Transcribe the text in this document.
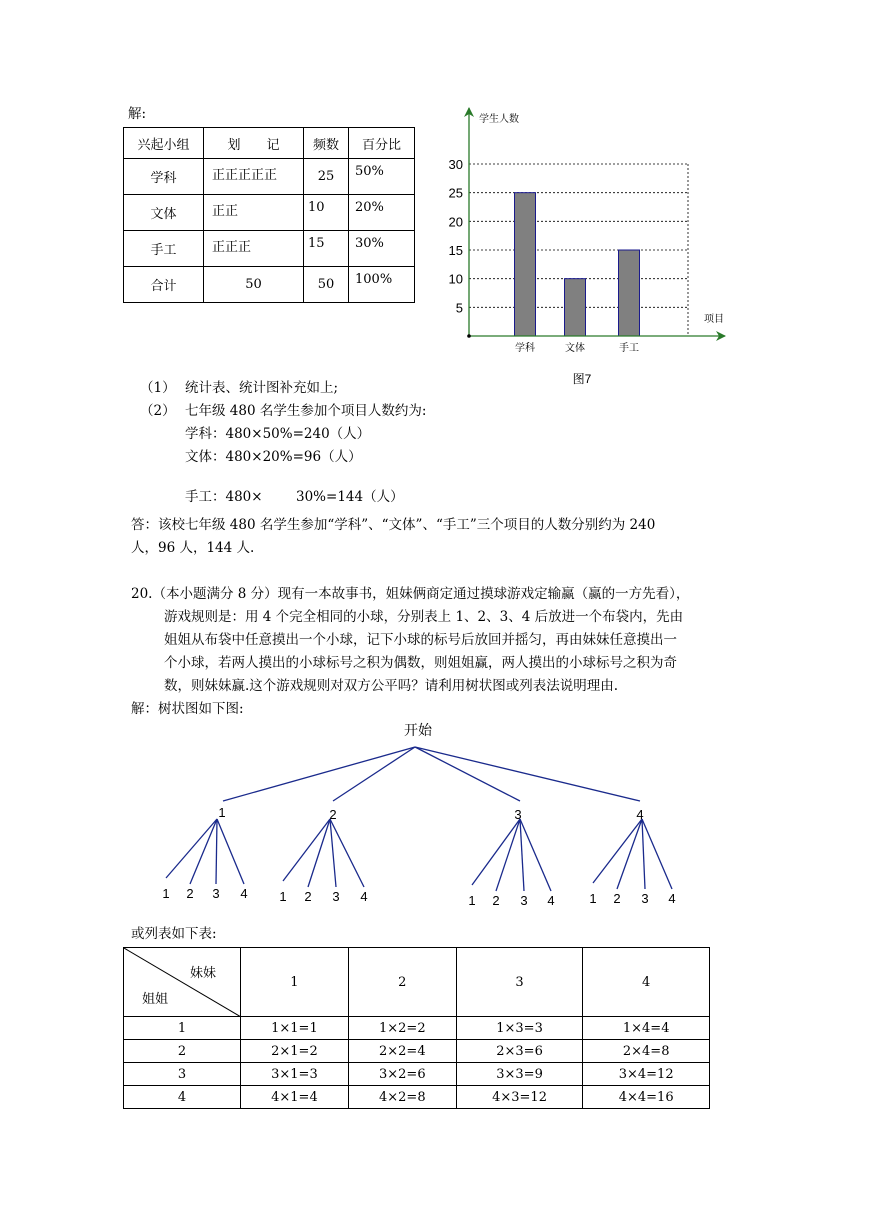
解:
兴起小组	划　　记	频数	百分比
学科	正正正正正	25	50%
文体	正正	10	20%
手工	正正正	15	30%
合计	50	50	100%
5
10
15
20
25
30
学科	文体	手工
学生人数
项目
图7
（1） 统计表、统计图补充如上;
（2） 七年级 480 名学生参加个项目人数约为:
学科：480×50%=240（人）
文体：480×20%=96（人）
手工：480× 30%=144（人）
答：该校七年级 480 名学生参加“学科”、“文体”、“手工”三个项目的人数分别约为 240
人，96 人，144 人.
20.（本小题满分 8 分）现有一本故事书，姐妹俩商定通过摸球游戏定输赢（赢的一方先看），
游戏规则是：用 4 个完全相同的小球，分别表上 1、2、3、4 后放进一个布袋内，先由
姐姐从布袋中任意摸出一个小球，记下小球的标号后放回并摇匀，再由妹妹任意摸出一
个小球，若两人摸出的小球标号之积为偶数，则姐姐赢，两人摸出的小球标号之积为奇
数，则妹妹赢.这个游戏规则对双方公平吗？请利用树状图或列表法说明理由.
解：树状图如下图:
开始
1
1 2 3 4
2
1 2 3 4
3
1 2 3 4
4
1 2 3 4
或列表如下表:
妹妹
姐姐	1	2	3	4
1	1×1=1	1×2=2	1×3=3	1×4=4
2	2×1=2	2×2=4	2×3=6	2×4=8
3	3×1=3	3×2=6	3×3=9	3×4=12
4	4×1=4	4×2=8	4×3=12	4×4=16
